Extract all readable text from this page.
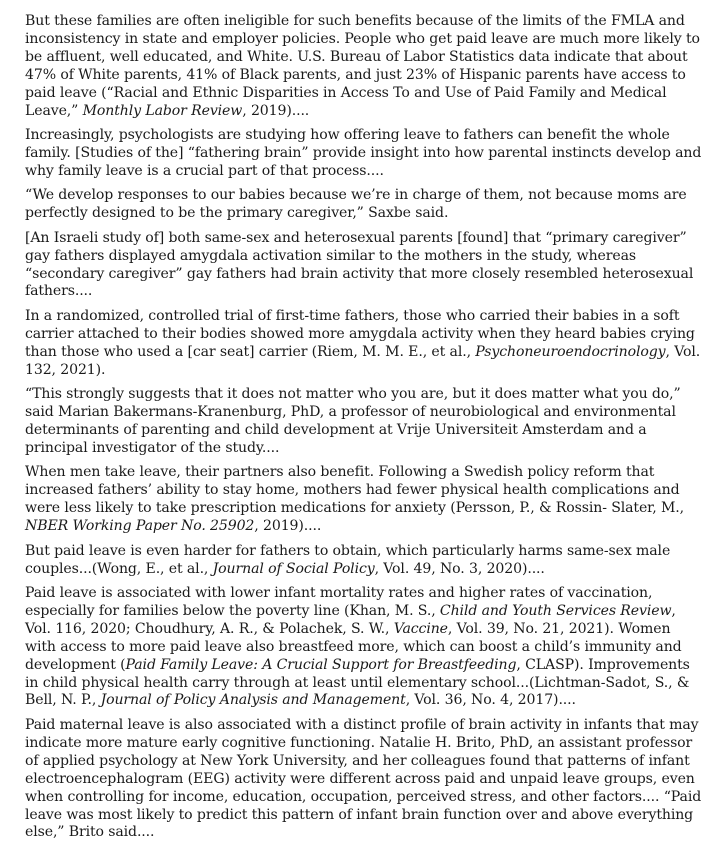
But these families are often ineligible for such benefits because of the limits of the FMLA and inconsistency in state and employer policies. People who get paid leave are much more likely to be affluent, well educated, and White. U.S. Bureau of Labor Statistics data indicate that about 47% of White parents, 41% of Black parents, and just 23% of Hispanic parents have access to paid leave (“Racial and Ethnic Disparities in Access To and Use of Paid Family and Medical Leave,” Monthly Labor Review, 2019)....

Increasingly, psychologists are studying how offering leave to fathers can benefit the whole family. [Studies of the] “fathering brain” provide insight into how parental instincts develop and why family leave is a crucial part of that process....

“We develop responses to our babies because we’re in charge of them, not because moms are perfectly designed to be the primary caregiver,” Saxbe said.

[An Israeli study of] both same-sex and heterosexual parents [found] that “primary caregiver” gay fathers displayed amygdala activation similar to the mothers in the study, whereas “secondary caregiver” gay fathers had brain activity that more closely resembled heterosexual fathers....

In a randomized, controlled trial of first-time fathers, those who carried their babies in a soft carrier attached to their bodies showed more amygdala activity when they heard babies crying than those who used a [car seat] carrier (Riem, M. M. E., et al., Psychoneuroendocrinology, Vol. 132, 2021).

“This strongly suggests that it does not matter who you are, but it does matter what you do,” said Marian Bakermans-Kranenburg, PhD, a professor of neurobiological and environmental determinants of parenting and child development at Vrije Universiteit Amsterdam and a principal investigator of the study....

When men take leave, their partners also benefit. Following a Swedish policy reform that increased fathers’ ability to stay home, mothers had fewer physical health complications and were less likely to take prescription medications for anxiety (Persson, P., & Rossin- Slater, M., NBER Working Paper No. 25902, 2019)....

But paid leave is even harder for fathers to obtain, which particularly harms same-sex male couples...(Wong, E., et al., Journal of Social Policy, Vol. 49, No. 3, 2020)....

Paid leave is associated with lower infant mortality rates and higher rates of vaccination, especially for families below the poverty line (Khan, M. S., Child and Youth Services Review, Vol. 116, 2020; Choudhury, A. R., & Polachek, S. W., Vaccine, Vol. 39, No. 21, 2021). Women with access to more paid leave also breastfeed more, which can boost a child’s immunity and development (Paid Family Leave: A Crucial Support for Breastfeeding, CLASP). Improvements in child physical health carry through at least until elementary school...(Lichtman-Sadot, S., & Bell, N. P., Journal of Policy Analysis and Management, Vol. 36, No. 4, 2017)....

Paid maternal leave is also associated with a distinct profile of brain activity in infants that may indicate more mature early cognitive functioning. Natalie H. Brito, PhD, an assistant professor of applied psychology at New York University, and her colleagues found that patterns of infant electroencephalogram (EEG) activity were different across paid and unpaid leave groups, even when controlling for income, education, occupation, perceived stress, and other factors.... “Paid leave was most likely to predict this pattern of infant brain function over and above everything else,” Brito said....
